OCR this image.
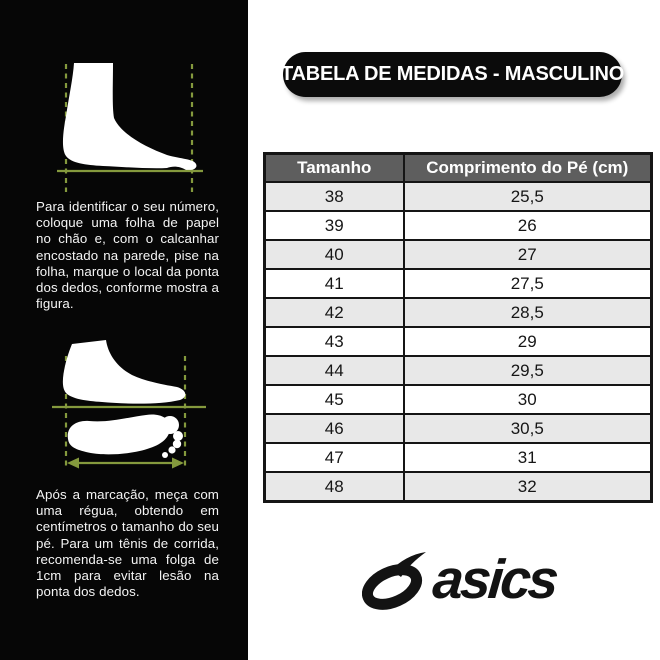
Para identificar o seu número, coloque uma folha de papel no chão e, com o calcanhar encostado na parede, pise na folha, marque o local da ponta dos dedos, conforme mostra a figura.

Após a marcação, meça com uma régua, obtendo em centímetros o tamanho do seu pé. Para um tênis de corrida, recomenda-se uma folga de 1cm para evitar lesão na ponta dos dedos.

TABELA DE MEDIDAS - MASCULINO
Tamanho	Comprimento do Pé (cm)
38	25,5
39	26
40	27
41	27,5
42	28,5
43	29
44	29,5
45	30
46	30,5
47	31
48	32
asics
